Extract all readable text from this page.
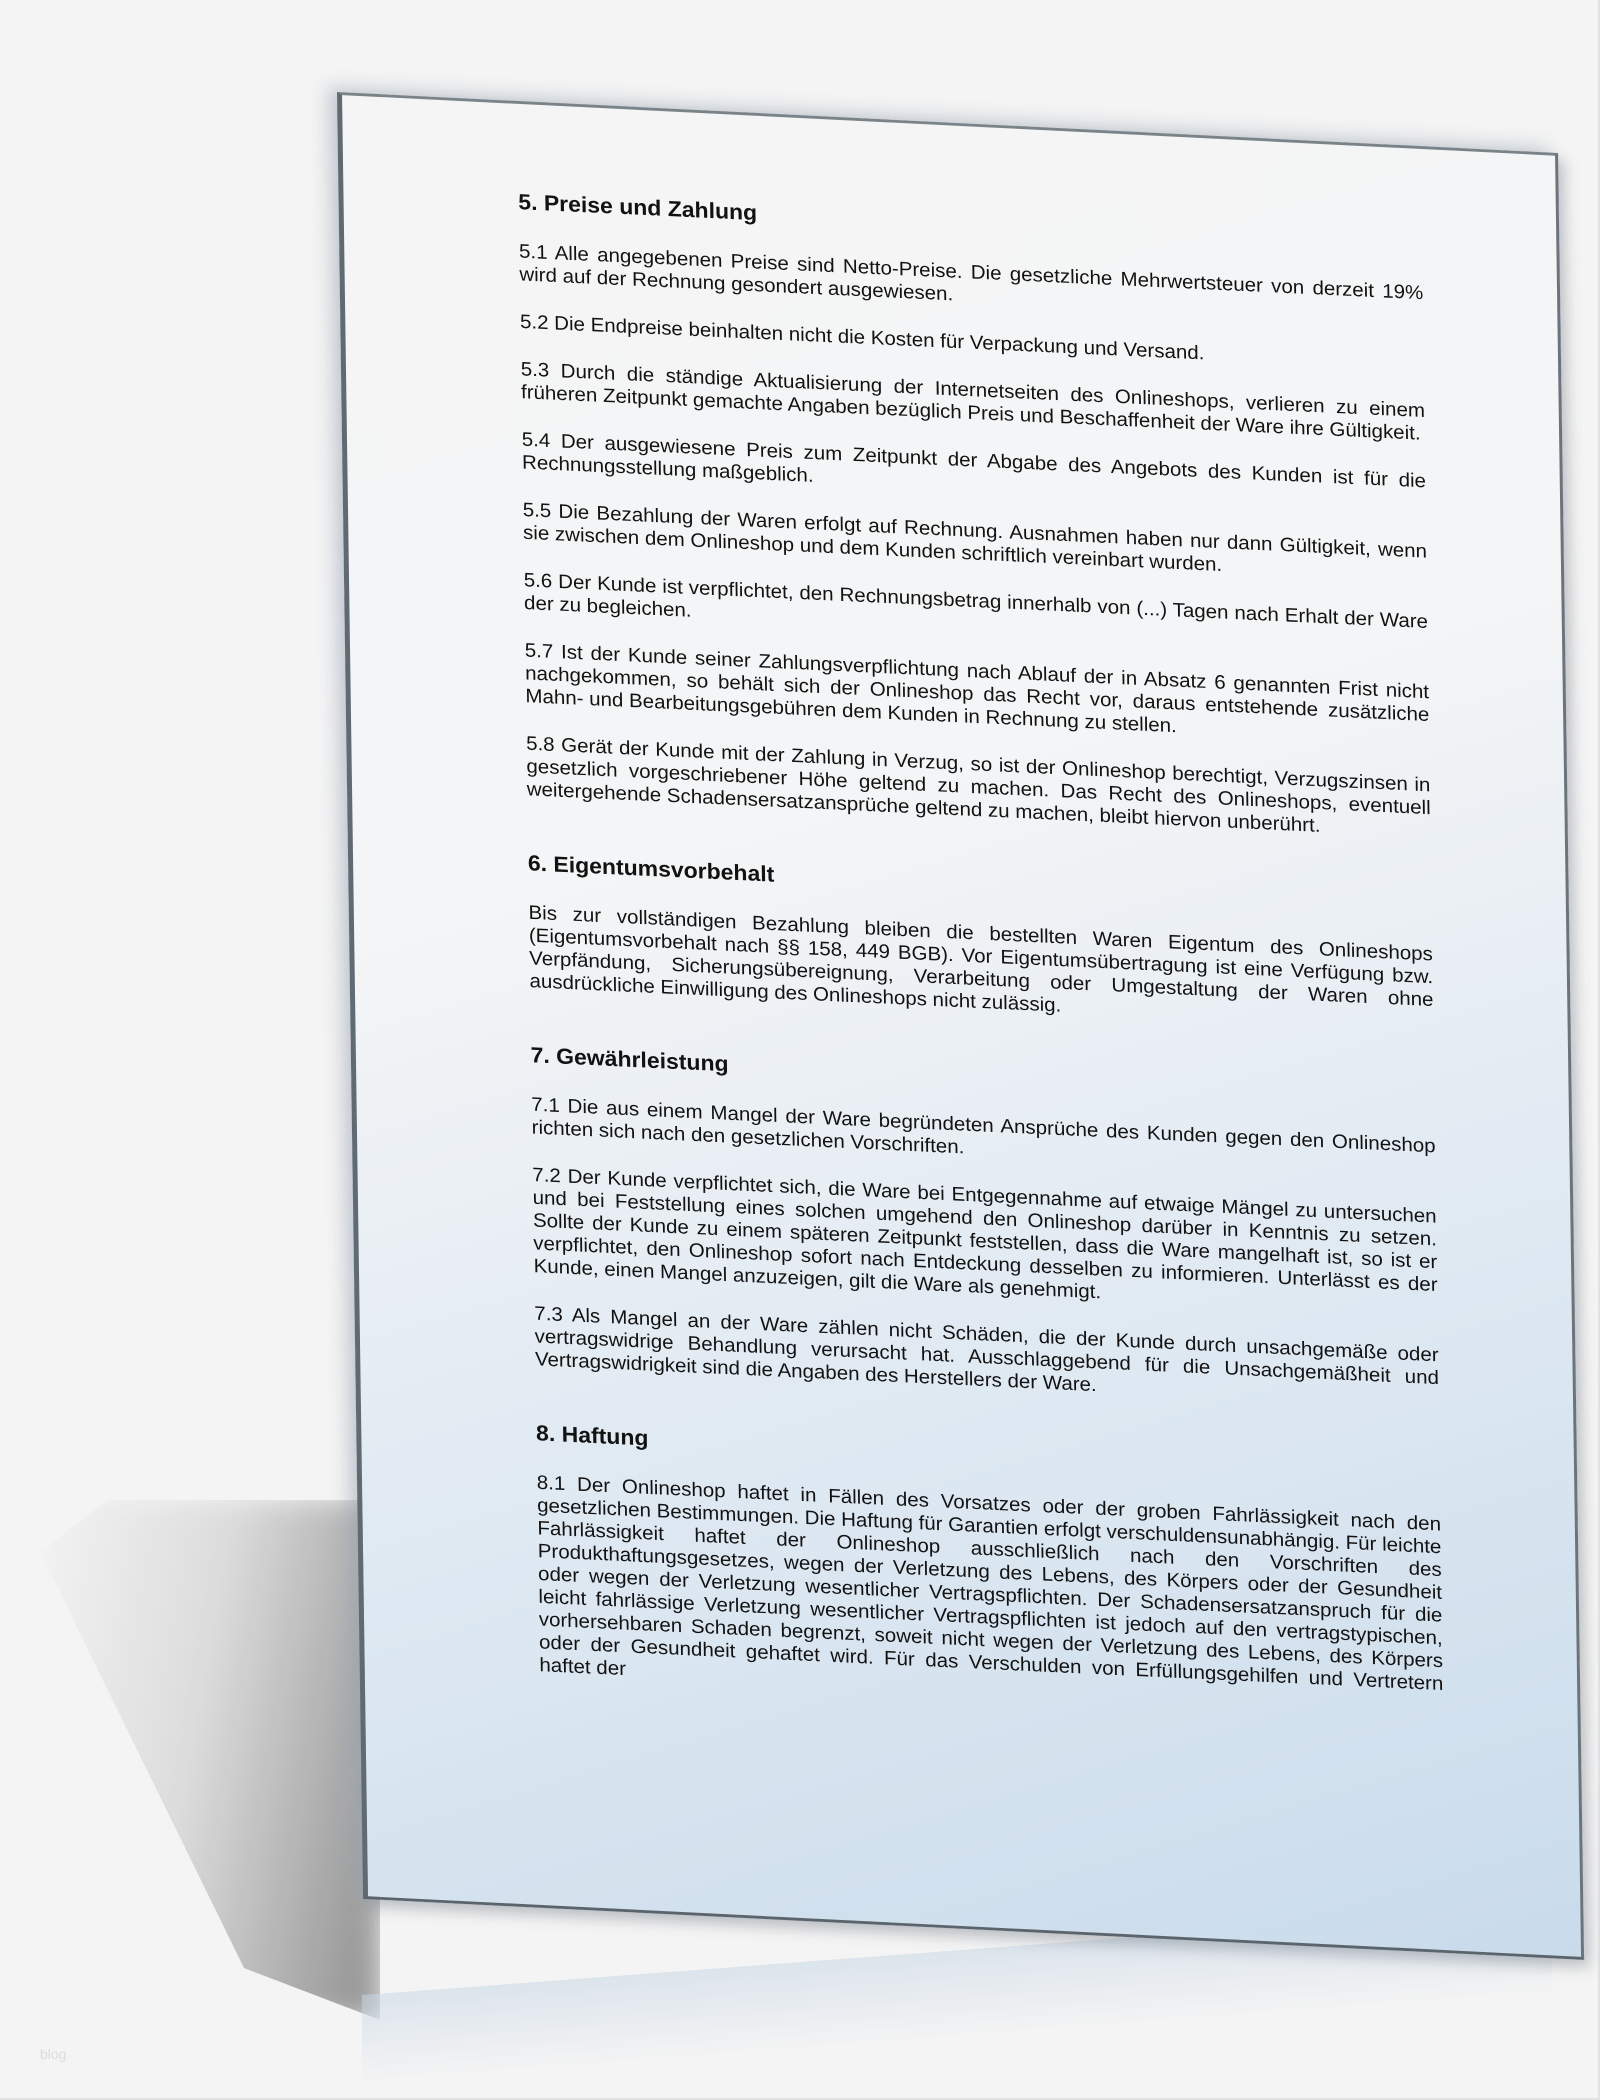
5. Preise und Zahlung

5.1 Alle angegebenen Preise sind Netto-Preise. Die gesetzliche Mehrwertsteuer von derzeit 19% wird auf der Rechnung gesondert ausgewiesen.

5.2 Die Endpreise beinhalten nicht die Kosten für Verpackung und Versand.

5.3 Durch die ständige Aktualisierung der Internetseiten des Onlineshops, verlieren zu einem früheren Zeitpunkt gemachte Angaben bezüglich Preis und Beschaffenheit der Ware ihre Gültigkeit.

5.4 Der ausgewiesene Preis zum Zeitpunkt der Abgabe des Angebots des Kunden ist für die Rechnungsstellung maßgeblich.

5.5 Die Bezahlung der Waren erfolgt auf Rechnung. Ausnahmen haben nur dann Gültigkeit, wenn sie zwischen dem Onlineshop und dem Kunden schriftlich vereinbart wurden.

5.6 Der Kunde ist verpflichtet, den Rechnungsbetrag innerhalb von (...) Tagen nach Erhalt der Ware der zu begleichen.

5.7 Ist der Kunde seiner Zahlungsverpflichtung nach Ablauf der in Absatz 6 genannten Frist nicht nachgekommen, so behält sich der Onlineshop das Recht vor, daraus entstehende zusätzliche Mahn- und Bearbeitungsgebühren dem Kunden in Rechnung zu stellen.

5.8 Gerät der Kunde mit der Zahlung in Verzug, so ist der Onlineshop berechtigt, Verzugszinsen in gesetzlich vorgeschriebener Höhe geltend zu machen. Das Recht des Onlineshops, eventuell weitergehende Schadensersatzansprüche geltend zu machen, bleibt hiervon unberührt.

6. Eigentumsvorbehalt

Bis zur vollständigen Bezahlung bleiben die bestellten Waren Eigentum des Onlineshops (Eigentumsvorbehalt nach §§ 158, 449 BGB). Vor Eigentumsübertragung ist eine Verfügung bzw. Verpfändung, Sicherungsübereignung, Verarbeitung oder Umgestaltung der Waren ohne ausdrückliche Einwilligung des Onlineshops nicht zulässig.

7. Gewährleistung

7.1 Die aus einem Mangel der Ware begründeten Ansprüche des Kunden gegen den Onlineshop richten sich nach den gesetzlichen Vorschriften.

7.2 Der Kunde verpflichtet sich, die Ware bei Entgegennahme auf etwaige Mängel zu untersuchen und bei Feststellung eines solchen umgehend den Onlineshop darüber in Kenntnis zu setzen. Sollte der Kunde zu einem späteren Zeitpunkt feststellen, dass die Ware mangelhaft ist, so ist er verpflichtet, den Onlineshop sofort nach Entdeckung desselben zu informieren. Unterlässt es der Kunde, einen Mangel anzuzeigen, gilt die Ware als genehmigt.

7.3 Als Mangel an der Ware zählen nicht Schäden, die der Kunde durch unsachgemäße oder vertragswidrige Behandlung verursacht hat. Ausschlaggebend für die Unsachgemäßheit und Vertragswidrigkeit sind die Angaben des Herstellers der Ware.

8. Haftung

8.1 Der Onlineshop haftet in Fällen des Vorsatzes oder der groben Fahrlässigkeit nach den gesetzlichen Bestimmungen. Die Haftung für Garantien erfolgt verschuldensunabhängig. Für leichte Fahrlässigkeit haftet der Onlineshop ausschließlich nach den Vorschriften des Produkthaftungsgesetzes, wegen der Verletzung des Lebens, des Körpers oder der Gesundheit oder wegen der Verletzung wesentlicher Vertragspflichten. Der Schadensersatzanspruch für die leicht fahrlässige Verletzung wesentlicher Vertragspflichten ist jedoch auf den vertragstypischen, vorhersehbaren Schaden begrenzt, soweit nicht wegen der Verletzung des Lebens, des Körpers oder der Gesundheit gehaftet wird. Für das Verschulden von Erfüllungsgehilfen und Vertretern haftet der

blog
